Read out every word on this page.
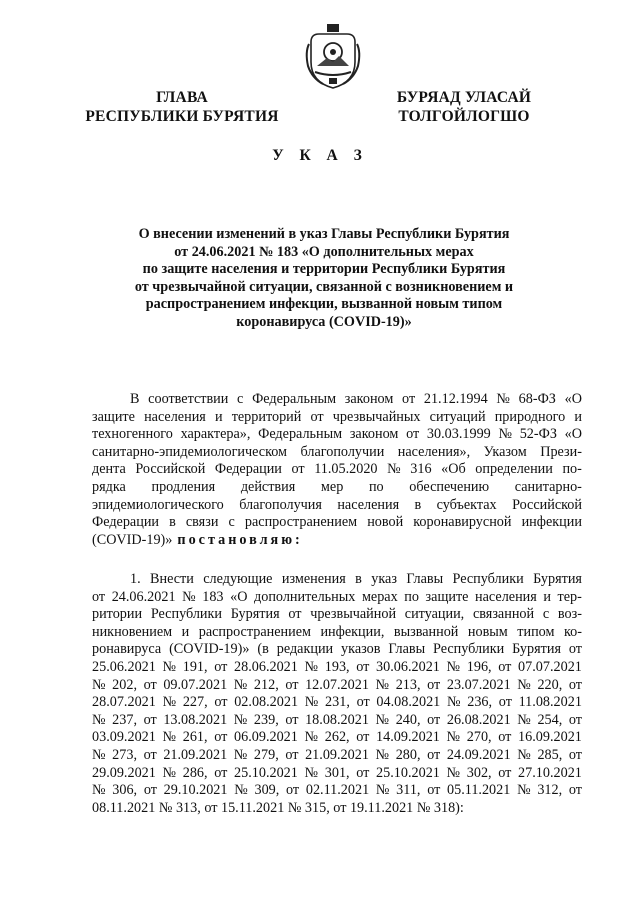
ГЛАВА
РЕСПУБЛИКИ БУРЯТИЯ
БУРЯАД УЛАСАЙ
ТОЛГОЙЛОГШО
У К А З
О внесении изменений в указ Главы Республики Бурятия
от 24.06.2021 № 183 «О дополнительных мерах
по защите населения и территории Республики Бурятия
от чрезвычайной ситуации, связанной с возникновением и
распространением инфекции, вызванной новым типом
коронавируса (COVID-19)»
В соответствии с Федеральным законом от 21.12.1994 № 68-ФЗ «О
защите населения и территорий от чрезвычайных ситуаций природного и
техногенного характера», Федеральным законом от 30.03.1999 № 52-ФЗ «О
санитарно-эпидемиологическом благополучии населения», Указом Прези-
дента Российской Федерации от 11.05.2020 № 316 «Об определении по-
рядка продления действия мер по обеспечению санитарно-
эпидемиологического благополучия населения в субъектах Российской
Федерации в связи с распространением новой коронавирусной инфекции
(COVID-19)» постановляю:
1. Внести следующие изменения в указ Главы Республики Бурятия
от 24.06.2021 № 183 «О дополнительных мерах по защите населения и тер-
ритории Республики Бурятия от чрезвычайной ситуации, связанной с воз-
никновением и распространением инфекции, вызванной новым типом ко-
ронавируса (COVID-19)» (в редакции указов Главы Республики Бурятия от
25.06.2021 № 191, от 28.06.2021 № 193, от 30.06.2021 № 196, от 07.07.2021
№ 202, от 09.07.2021 № 212, от 12.07.2021 № 213, от 23.07.2021 № 220, от
28.07.2021 № 227, от 02.08.2021 № 231, от 04.08.2021 № 236, от 11.08.2021
№ 237, от 13.08.2021 № 239, от 18.08.2021 № 240, от 26.08.2021 № 254, от
03.09.2021 № 261, от 06.09.2021 № 262, от 14.09.2021 № 270, от 16.09.2021
№ 273, от 21.09.2021 № 279, от 21.09.2021 № 280, от 24.09.2021 № 285, от
29.09.2021 № 286, от 25.10.2021 № 301, от 25.10.2021 № 302, от 27.10.2021
№ 306, от 29.10.2021 № 309, от 02.11.2021 № 311, от 05.11.2021 № 312, от
08.11.2021 № 313, от 15.11.2021 № 315, от 19.11.2021 № 318):
